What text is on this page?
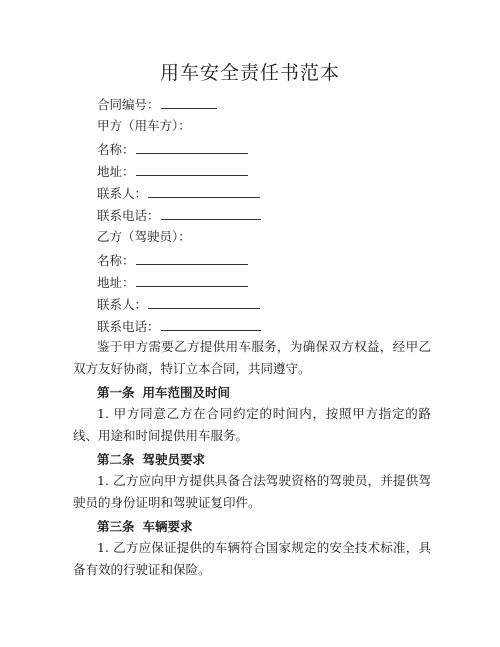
用车安全责任书范本
合同编号：
甲方（用车方）：
名称：
地址：
联系人：
联系电话：
乙方（驾驶员）：
名称：
地址：
联系人：
联系电话：
鉴于甲方需要乙方提供用车服务，为确保双方权益，经甲乙双方友好协商，特订立本合同，共同遵守。
第一条 用车范围及时间
1. 甲方同意乙方在合同约定的时间内，按照甲方指定的路线、用途和时间提供用车服务。
第二条 驾驶员要求
1. 乙方应向甲方提供具备合法驾驶资格的驾驶员，并提供驾驶员的身份证明和驾驶证复印件。
第三条 车辆要求
1. 乙方应保证提供的车辆符合国家规定的安全技术标准，具备有效的行驶证和保险。
